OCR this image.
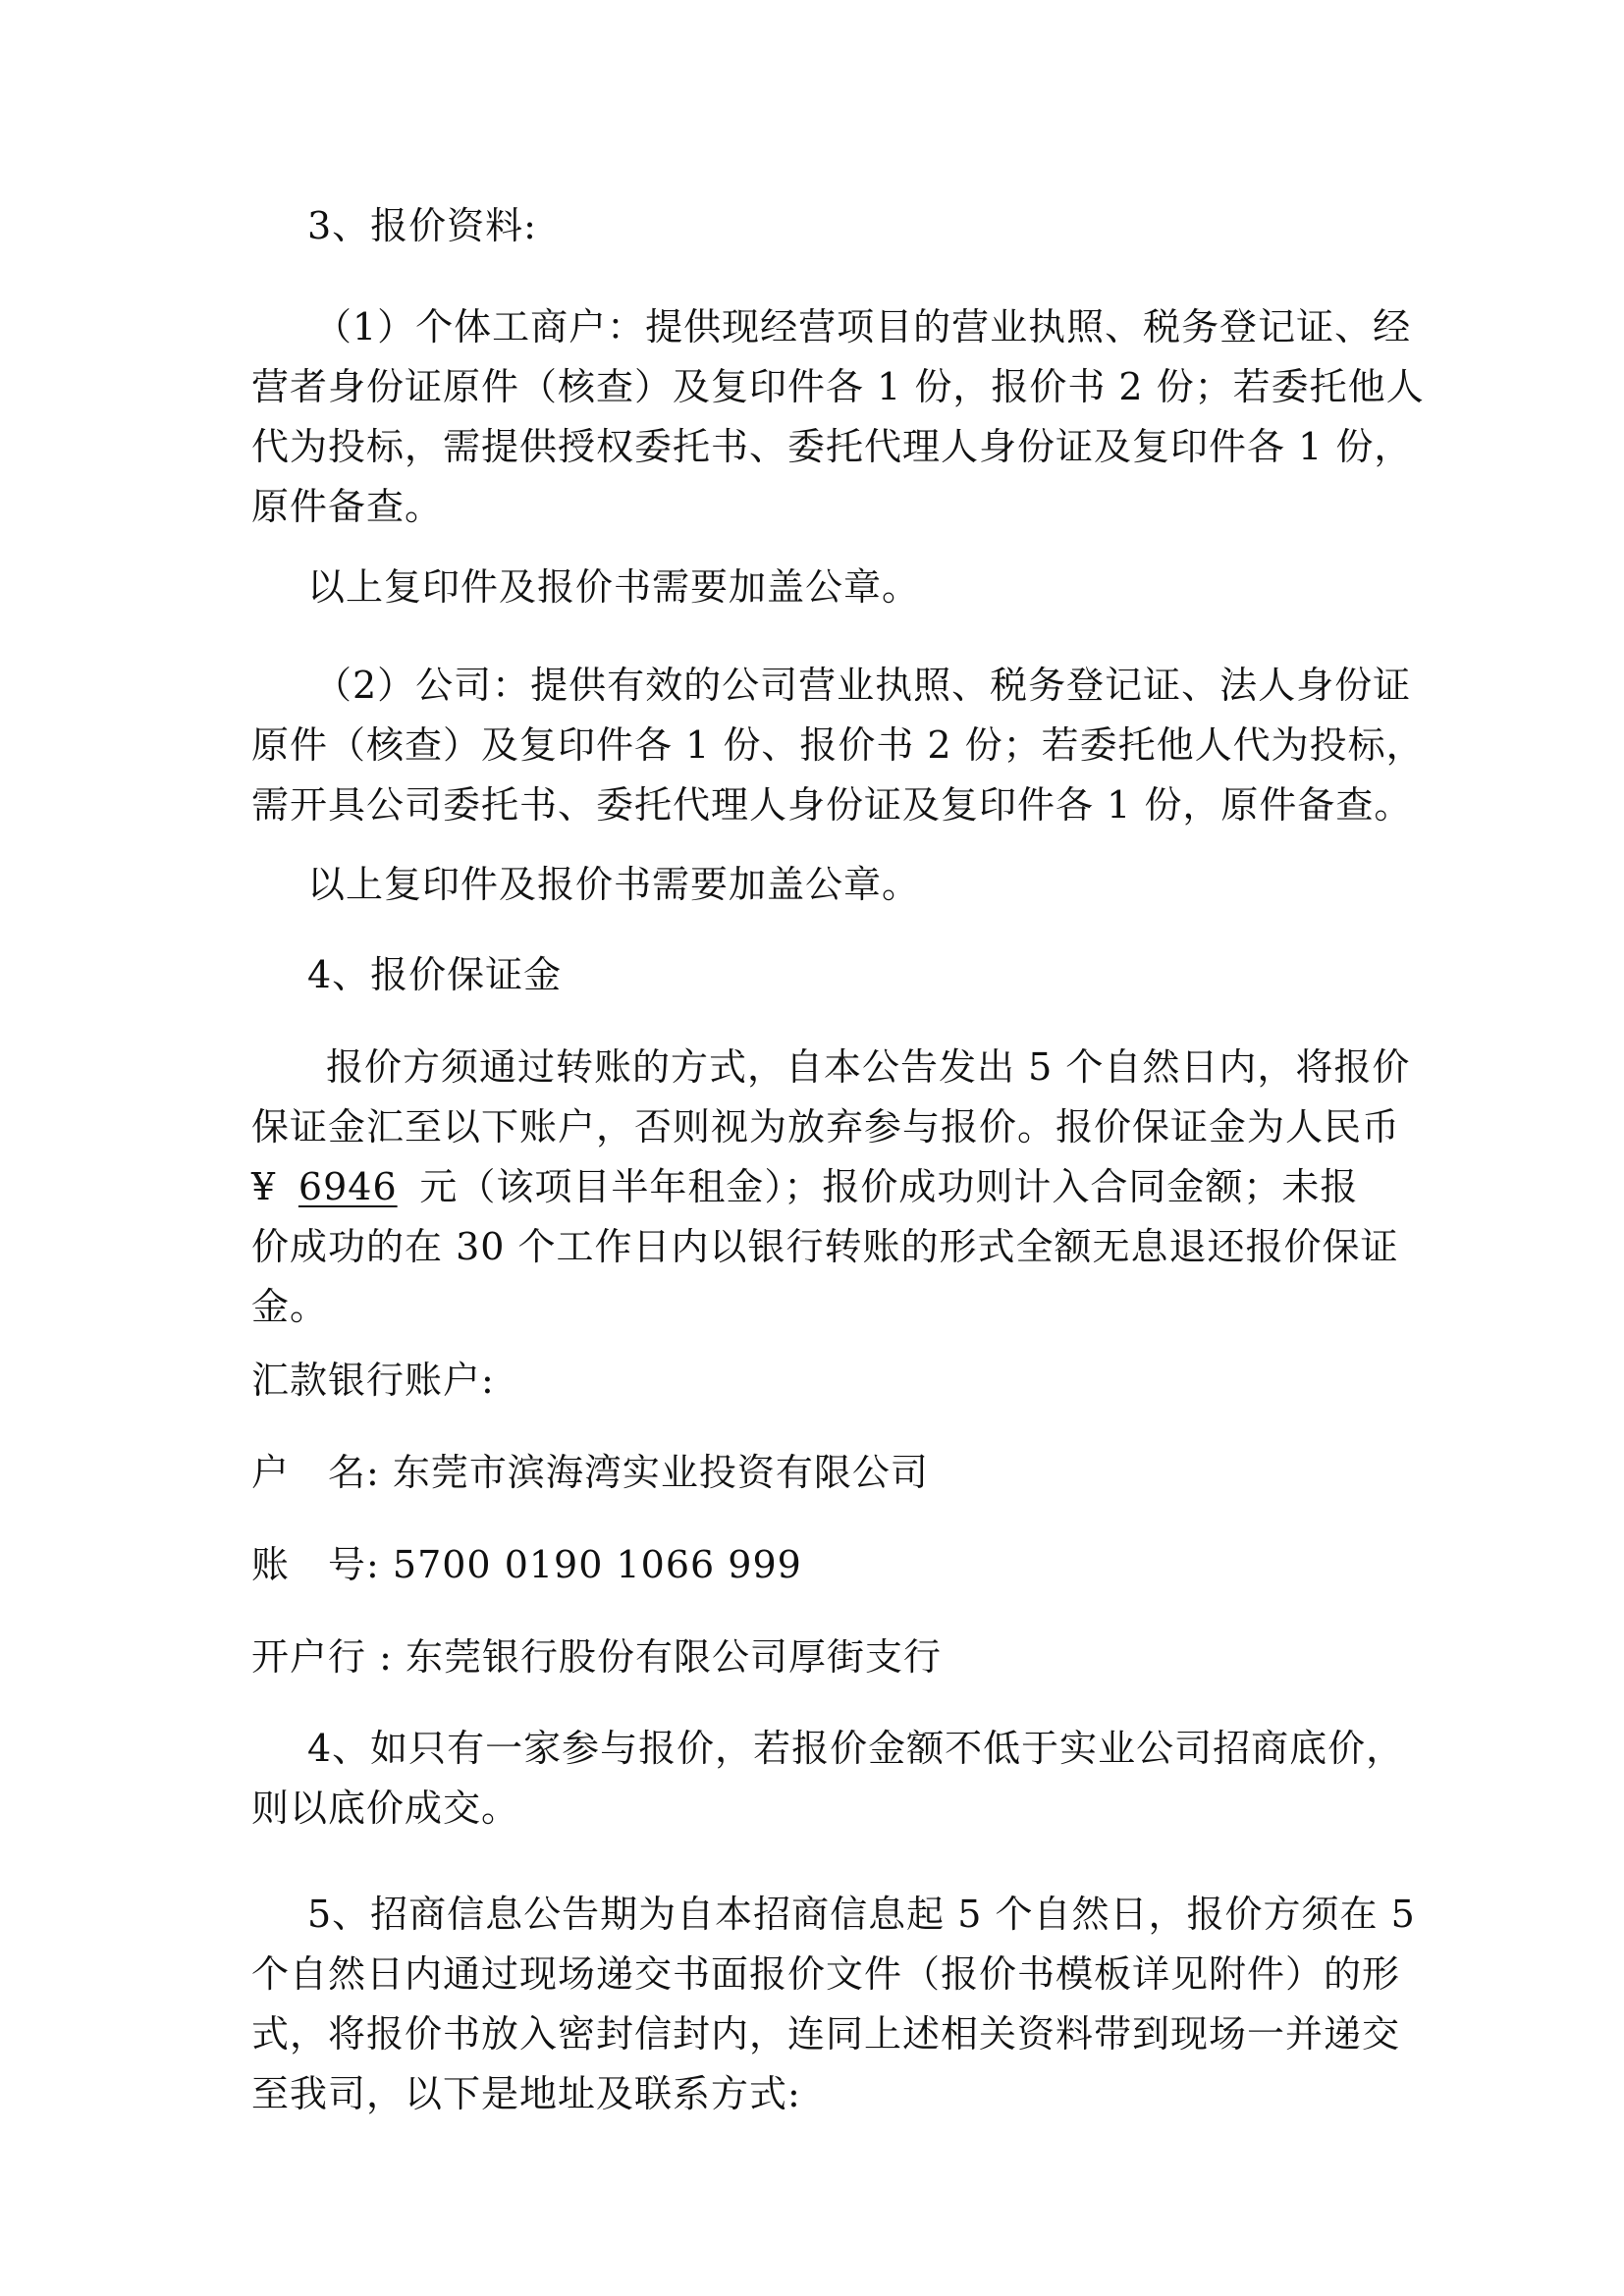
3、报价资料:
（1）个体工商户：提供现经营项目的营业执照、税务登记证、经
营者身份证原件（核查）及复印件各 1 份，报价书 2 份；若委托他人
代为投标，需提供授权委托书、委托代理人身份证及复印件各 1 份，
原件备查。
以上复印件及报价书需要加盖公章。
（2）公司：提供有效的公司营业执照、税务登记证、法人身份证
原件（核查）及复印件各 1 份、报价书 2 份；若委托他人代为投标，
需开具公司委托书、委托代理人身份证及复印件各 1 份，原件备查。
以上复印件及报价书需要加盖公章。
4、报价保证金
报价方须通过转账的方式，自本公告发出 5 个自然日内，将报价
保证金汇至以下账户，否则视为放弃参与报价。报价保证金为人民币
¥ 6946 元（该项目半年租金）；报价成功则计入合同金额；未报
价成功的在 30 个工作日内以银行转账的形式全额无息退还报价保证
金。
汇款银行账户:
户　名: 东莞市滨海湾实业投资有限公司
账　号: 5700 0190 1066 999
开户行 : 东莞银行股份有限公司厚街支行
4、如只有一家参与报价，若报价金额不低于实业公司招商底价，
则以底价成交。
5、招商信息公告期为自本招商信息起 5 个自然日，报价方须在 5
个自然日内通过现场递交书面报价文件（报价书模板详见附件）的形
式，将报价书放入密封信封内，连同上述相关资料带到现场一并递交
至我司，以下是地址及联系方式:
